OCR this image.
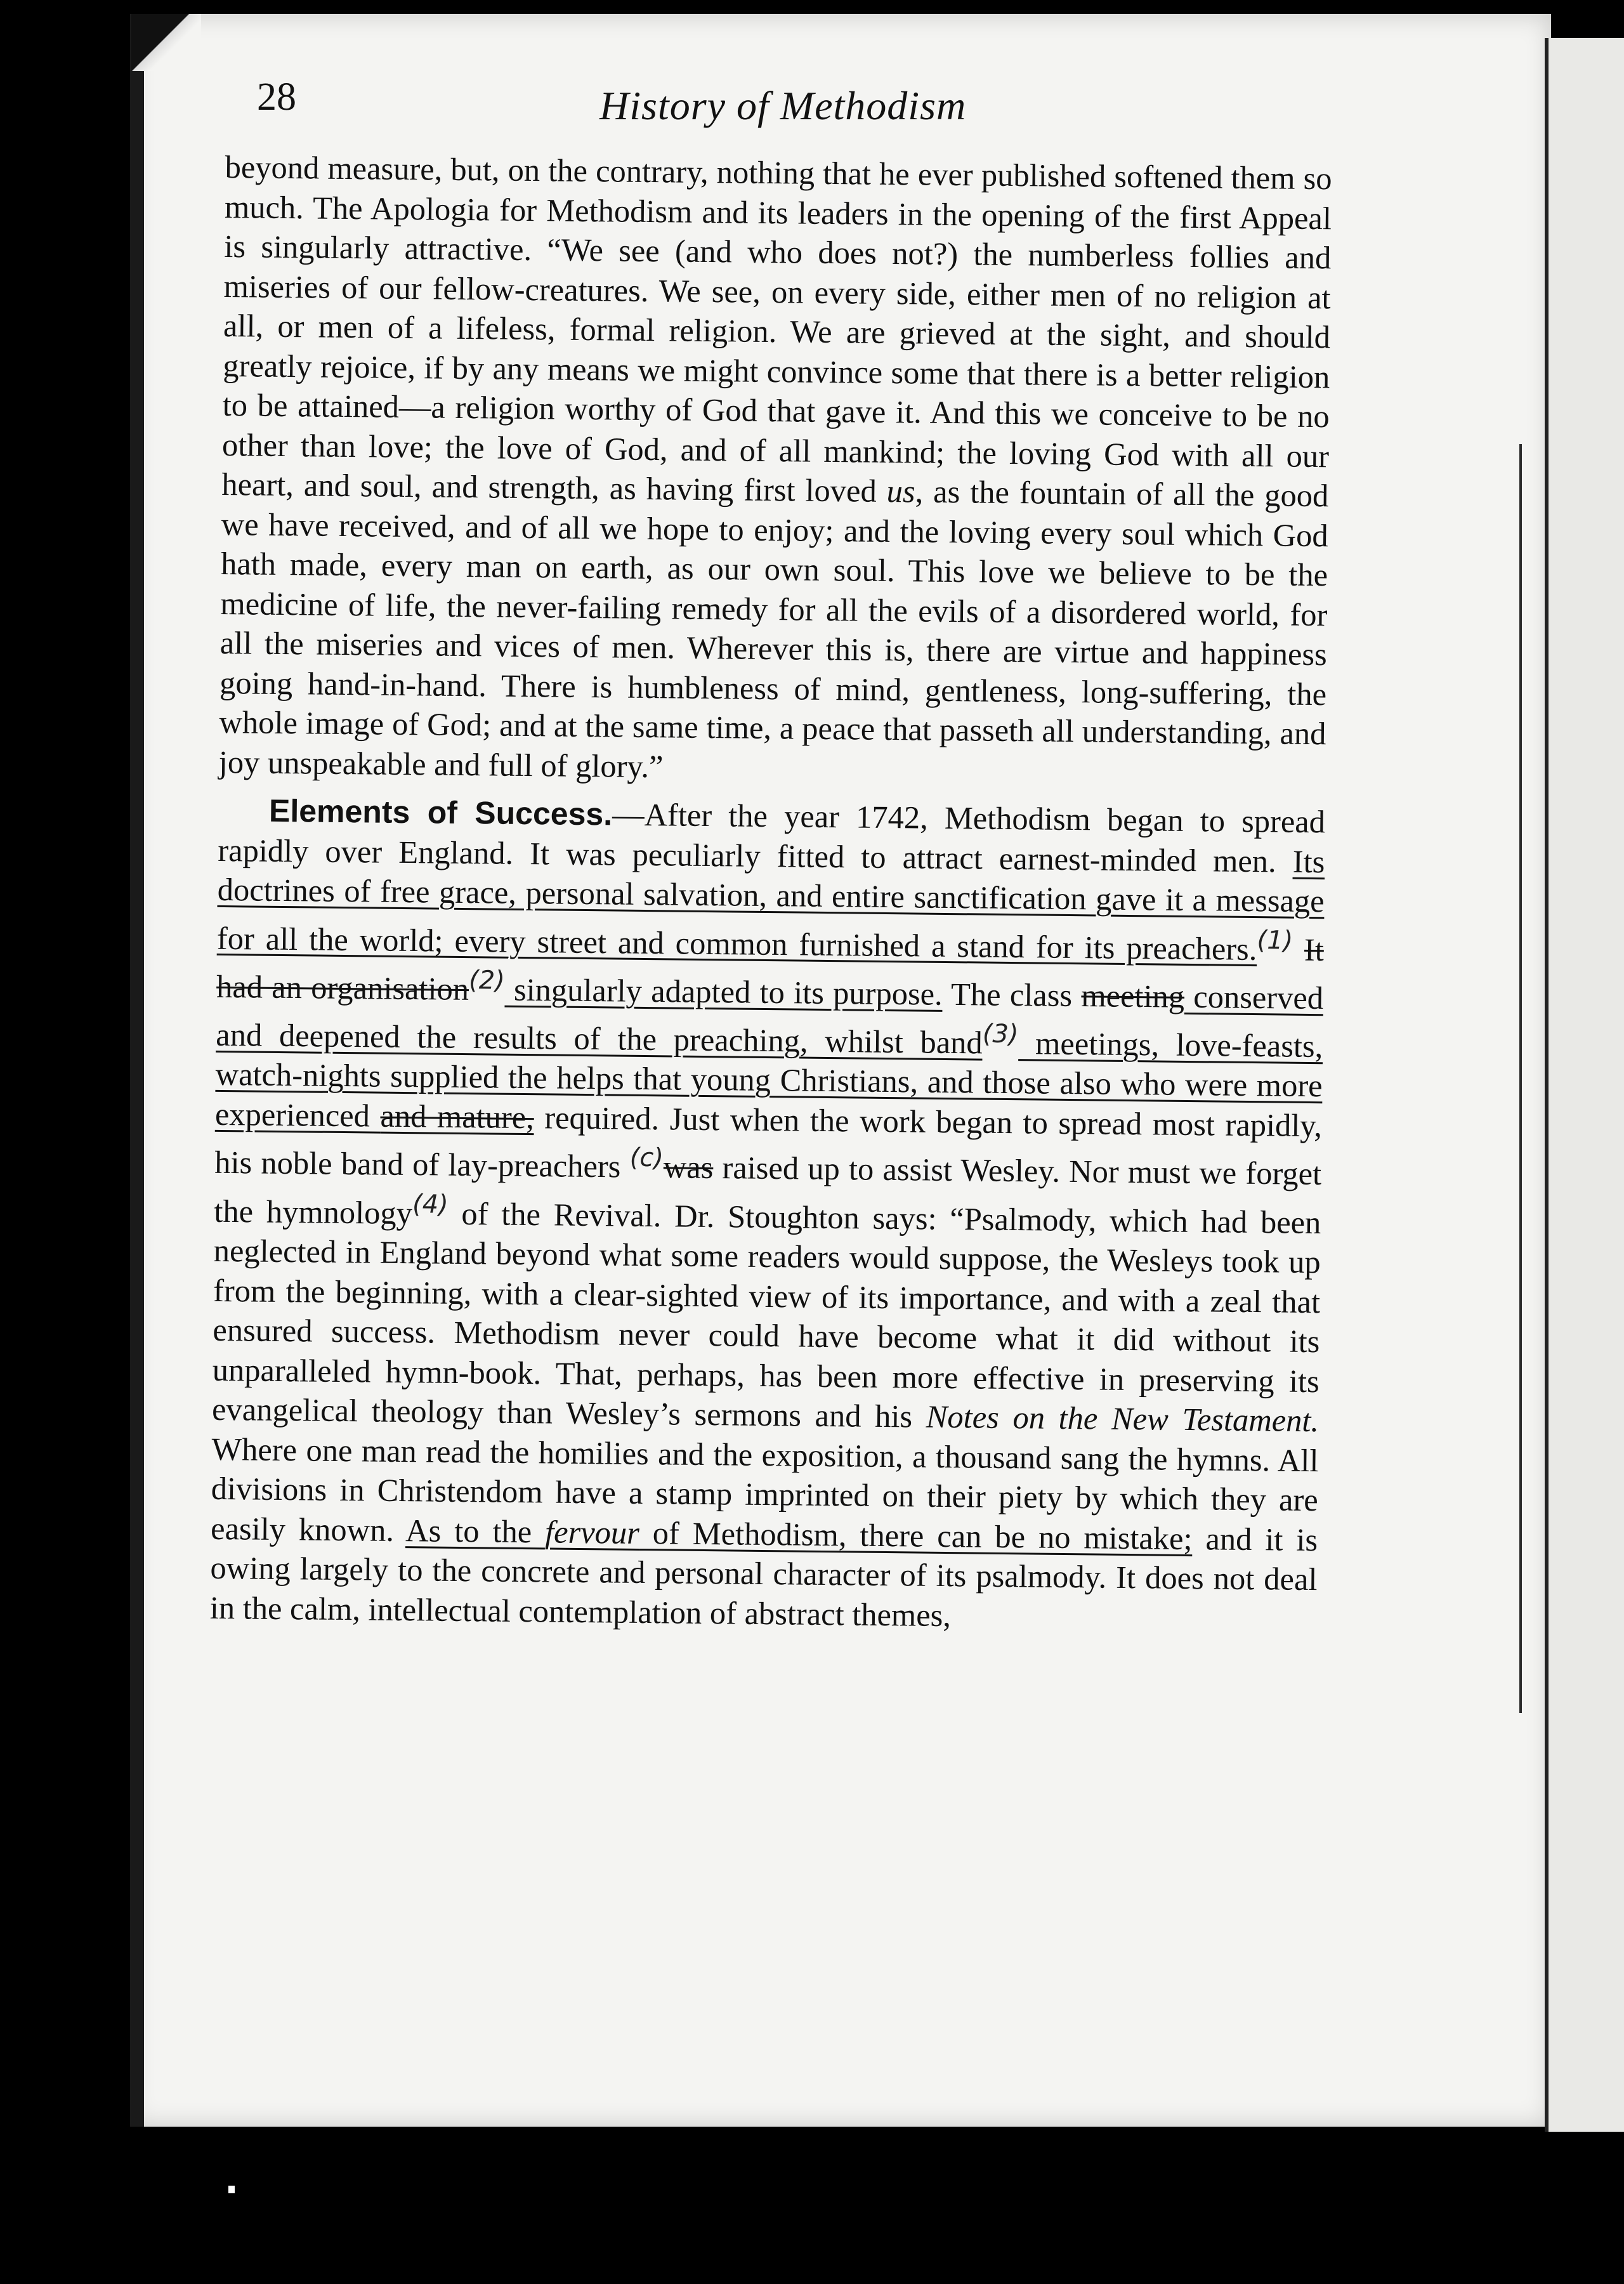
28	History of Methodism

beyond measure, but, on the contrary, nothing that he ever published softened them so much. The Apologia for Methodism and its leaders in the opening of the first Appeal is singularly attractive. “We see (and who does not?) the numberless follies and miseries of our fellow-creatures. We see, on every side, either men of no religion at all, or men of a lifeless, formal religion. We are grieved at the sight, and should greatly rejoice, if by any means we might convince some that there is a better religion to be attained—a religion worthy of God that gave it. And this we conceive to be no other than love; the love of God, and of all mankind; the loving God with all our heart, and soul, and strength, as having first loved us, as the fountain of all the good we have received, and of all we hope to enjoy; and the loving every soul which God hath made, every man on earth, as our own soul. This love we believe to be the medicine of life, the never-failing remedy for all the evils of a disordered world, for all the miseries and vices of men. Wherever this is, there are virtue and happiness going hand-in-hand. There is humbleness of mind, gentleness, long-suffering, the whole image of God; and at the same time, a peace that passeth all understanding, and joy unspeakable and full of glory.”

Elements of Success.—After the year 1742, Methodism began to spread rapidly over England. It was peculiarly fitted to attract earnest-minded men. Its doctrines of free grace, personal salvation, and entire sanctification gave it a message for all the world; every street and common furnished a stand for its preachers.$^{(1)}$ It had an organisation$^{(2)}$ singularly adapted to its purpose. The class meeting conserved and deepened the results of the preaching, whilst band$^{(3)}$ meetings, love-feasts, watch-nights supplied the helps that young Christians, and those also who were more experienced and mature, required. Just when the work began to spread most rapidly, his noble band of lay-preachers $^{(c)}$was raised up to assist Wesley. Nor must we forget the hymnology$^{(4)}$ of the Revival. Dr. Stoughton says: “Psalmody, which had been neglected in England beyond what some readers would suppose, the Wesleys took up from the beginning, with a clear-sighted view of its importance, and with a zeal that ensured success. Methodism never could have become what it did without its unparalleled hymn-book. That, perhaps, has been more effective in preserving its evangelical theology than Wesley’s sermons and his Notes on the New Testament. Where one man read the homilies and the exposition, a thousand sang the hymns. All divisions in Christendom have a stamp imprinted on their piety by which they are easily known. As to the fervour of Methodism, there can be no mistake; and it is owing largely to the concrete and personal character of its psalmody. It does not deal in the calm, intellectual contemplation of abstract themes,
